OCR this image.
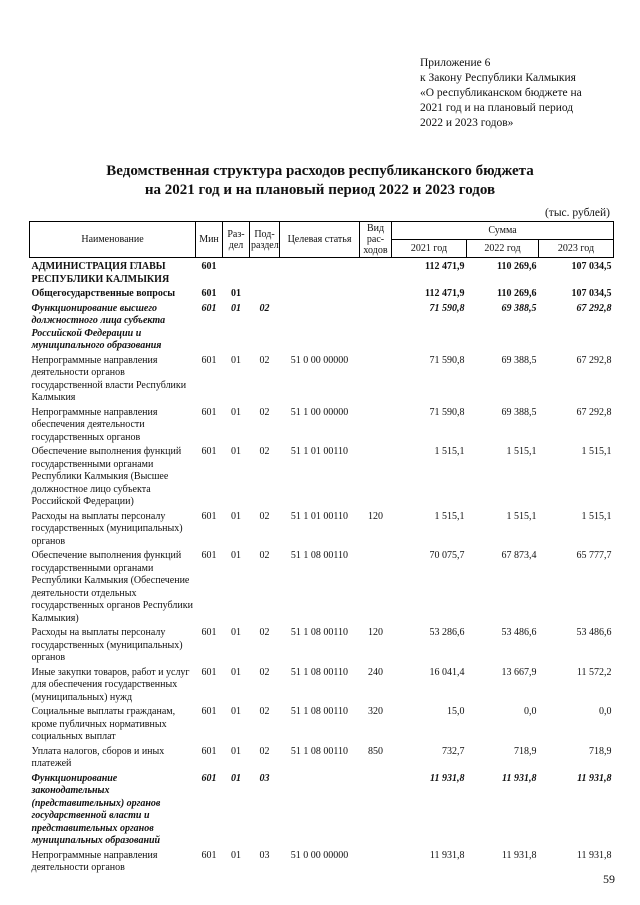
Приложение 6
к Закону Республики Калмыкия
«О республиканском бюджете на
2021 год и на плановый период
2022 и 2023 годов»
Ведомственная структура расходов республиканского бюджета
на 2021 год и на плановый период 2022 и 2023 годов
(тыс. рублей)
Наименование	Мин	Раз-дел	Под-раздел	Целевая статья	Вид рас-ходов	Сумма		
						2021 год	2022 год	2023 год
АДМИНИСТРАЦИЯ ГЛАВЫ РЕСПУБЛИКИ КАЛМЫКИЯ	601					112 471,9	110 269,6	107 034,5
Общегосударственные вопросы	601	01				112 471,9	110 269,6	107 034,5
Функционирование высшего должностного лица субъекта Российской Федерации и муниципального образования	601	01	02			71 590,8	69 388,5	67 292,8
Непрограммные направления деятельности органов государственной власти Республики Калмыкия	601	01	02	51 0 00 00000		71 590,8	69 388,5	67 292,8
Непрограммные направления обеспечения деятельности государственных органов	601	01	02	51 1 00 00000		71 590,8	69 388,5	67 292,8
Обеспечение выполнения функций государственными органами Республики Калмыкия (Высшее должностное лицо субъекта Российской Федерации)	601	01	02	51 1 01 00110		1 515,1	1 515,1	1 515,1
Расходы на выплаты персоналу государственных (муниципальных) органов	601	01	02	51 1 01 00110	120	1 515,1	1 515,1	1 515,1
Обеспечение выполнения функций государственными органами Республики Калмыкия (Обеспечение деятельности отдельных государственных органов Республики Калмыкия)	601	01	02	51 1 08 00110		70 075,7	67 873,4	65 777,7
Расходы на выплаты персоналу государственных (муниципальных) органов	601	01	02	51 1 08 00110	120	53 286,6	53 486,6	53 486,6
Иные закупки товаров, работ и услуг для обеспечения государственных (муниципальных) нужд	601	01	02	51 1 08 00110	240	16 041,4	13 667,9	11 572,2
Социальные выплаты гражданам, кроме публичных нормативных социальных выплат	601	01	02	51 1 08 00110	320	15,0	0,0	0,0
Уплата налогов, сборов и иных платежей	601	01	02	51 1 08 00110	850	732,7	718,9	718,9
Функционирование законодательных (представительных) органов государственной власти и представительных органов муниципальных образований	601	01	03			11 931,8	11 931,8	11 931,8
Непрограммные направления деятельности органов	601	01	03	51 0 00 00000		11 931,8	11 931,8	11 931,8
59
